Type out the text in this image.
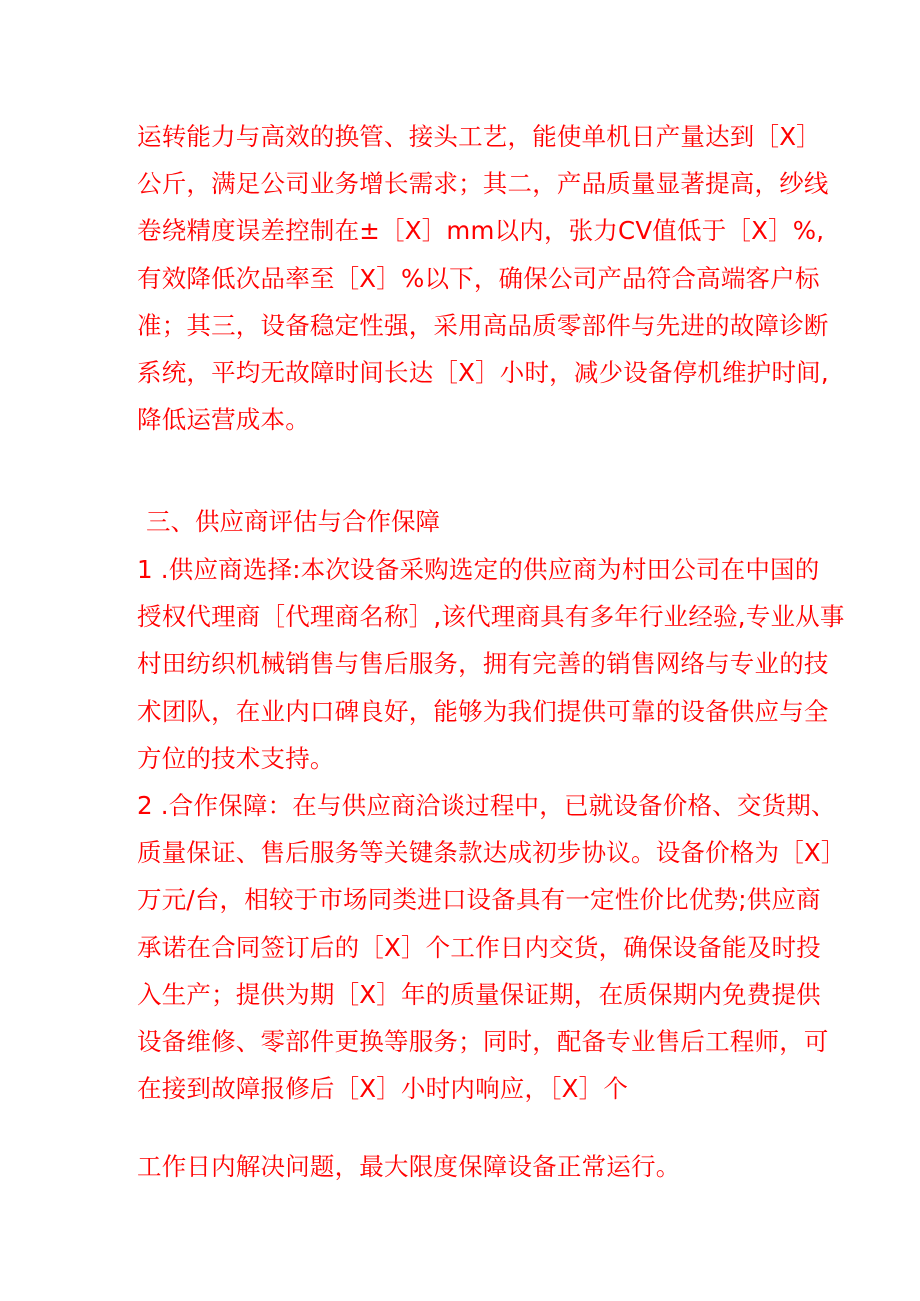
运转能力与高效的换管、接头工艺，能使单机日产量达到［X］
公斤，满足公司业务增长需求；其二，产品质量显著提高，纱线
卷绕精度误差控制在±［X］mm以内，张力CV值低于［X］%,
有效降低次品率至［X］%以下，确保公司产品符合高端客户标
准；其三，设备稳定性强，采用高品质零部件与先进的故障诊断
系统，平均无故障时间长达［X］小时，减少设备停机维护时间,
降低运营成本。
三、供应商评估与合作保障
1 .供应商选择:本次设备采购选定的供应商为村田公司在中国的
授权代理商［代理商名称］,该代理商具有多年行业经验,专业从事
村田纺织机械销售与售后服务，拥有完善的销售网络与专业的技
术团队，在业内口碑良好，能够为我们提供可靠的设备供应与全
方位的技术支持。
2 .合作保障：在与供应商洽谈过程中，已就设备价格、交货期、
质量保证、售后服务等关键条款达成初步协议。设备价格为［X］
万元/台，相较于市场同类进口设备具有一定性价比优势;供应商
承诺在合同签订后的［X］个工作日内交货，确保设备能及时投
入生产；提供为期［X］年的质量保证期，在质保期内免费提供
设备维修、零部件更换等服务；同时，配备专业售后工程师，可
在接到故障报修后［X］小时内响应，［X］个
工作日内解决问题，最大限度保障设备正常运行。
